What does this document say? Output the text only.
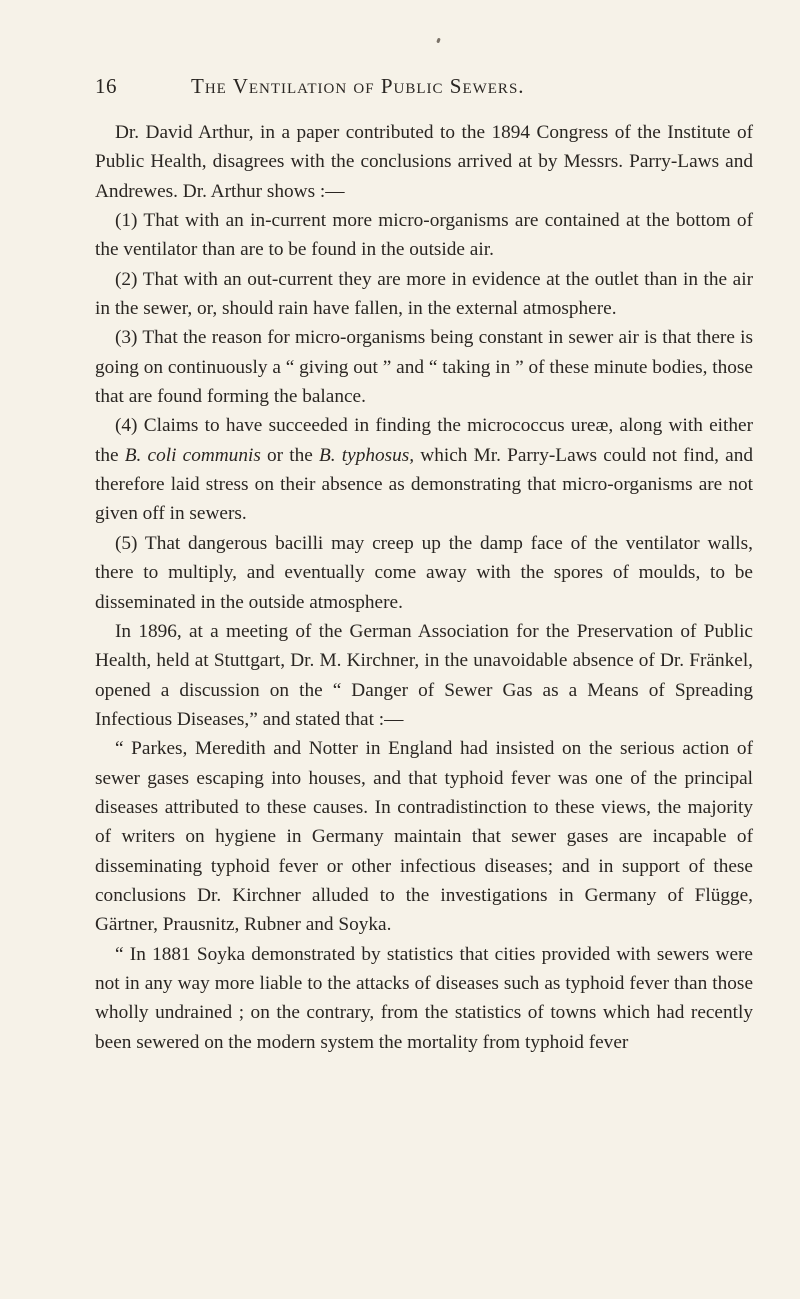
16	The Ventilation of Public Sewers.

Dr. David Arthur, in a paper contributed to the 1894 Congress of the Institute of Public Health, disagrees with the conclusions arrived at by Messrs. Parry-Laws and Andrewes. Dr. Arthur shows :—

(1) That with an in-current more micro-organisms are contained at the bottom of the ventilator than are to be found in the outside air.

(2) That with an out-current they are more in evidence at the outlet than in the air in the sewer, or, should rain have fallen, in the external atmosphere.

(3) That the reason for micro-organisms being constant in sewer air is that there is going on continuously a “ giving out ” and “ taking in ” of these minute bodies, those that are found forming the balance.

(4) Claims to have succeeded in finding the micrococcus ureæ, along with either the B. coli communis or the B. typhosus, which Mr. Parry-Laws could not find, and therefore laid stress on their absence as demonstrating that micro-organisms are not given off in sewers.

(5) That dangerous bacilli may creep up the damp face of the ventilator walls, there to multiply, and eventually come away with the spores of moulds, to be disseminated in the outside atmosphere.

In 1896, at a meeting of the German Association for the Preservation of Public Health, held at Stuttgart, Dr. M. Kirchner, in the unavoidable absence of Dr. Fränkel, opened a discussion on the “ Danger of Sewer Gas as a Means of Spreading Infectious Diseases,” and stated that :—

“ Parkes, Meredith and Notter in England had insisted on the serious action of sewer gases escaping into houses, and that typhoid fever was one of the principal diseases attributed to these causes. In contradistinction to these views, the majority of writers on hygiene in Germany maintain that sewer gases are incapable of disseminating typhoid fever or other infectious diseases; and in support of these conclusions Dr. Kirchner alluded to the investigations in Germany of Flügge, Gärtner, Prausnitz, Rubner and Soyka.

“ In 1881 Soyka demonstrated by statistics that cities provided with sewers were not in any way more liable to the attacks of diseases such as typhoid fever than those wholly undrained ; on the contrary, from the statistics of towns which had recently been sewered on the modern system the mortality from typhoid fever
